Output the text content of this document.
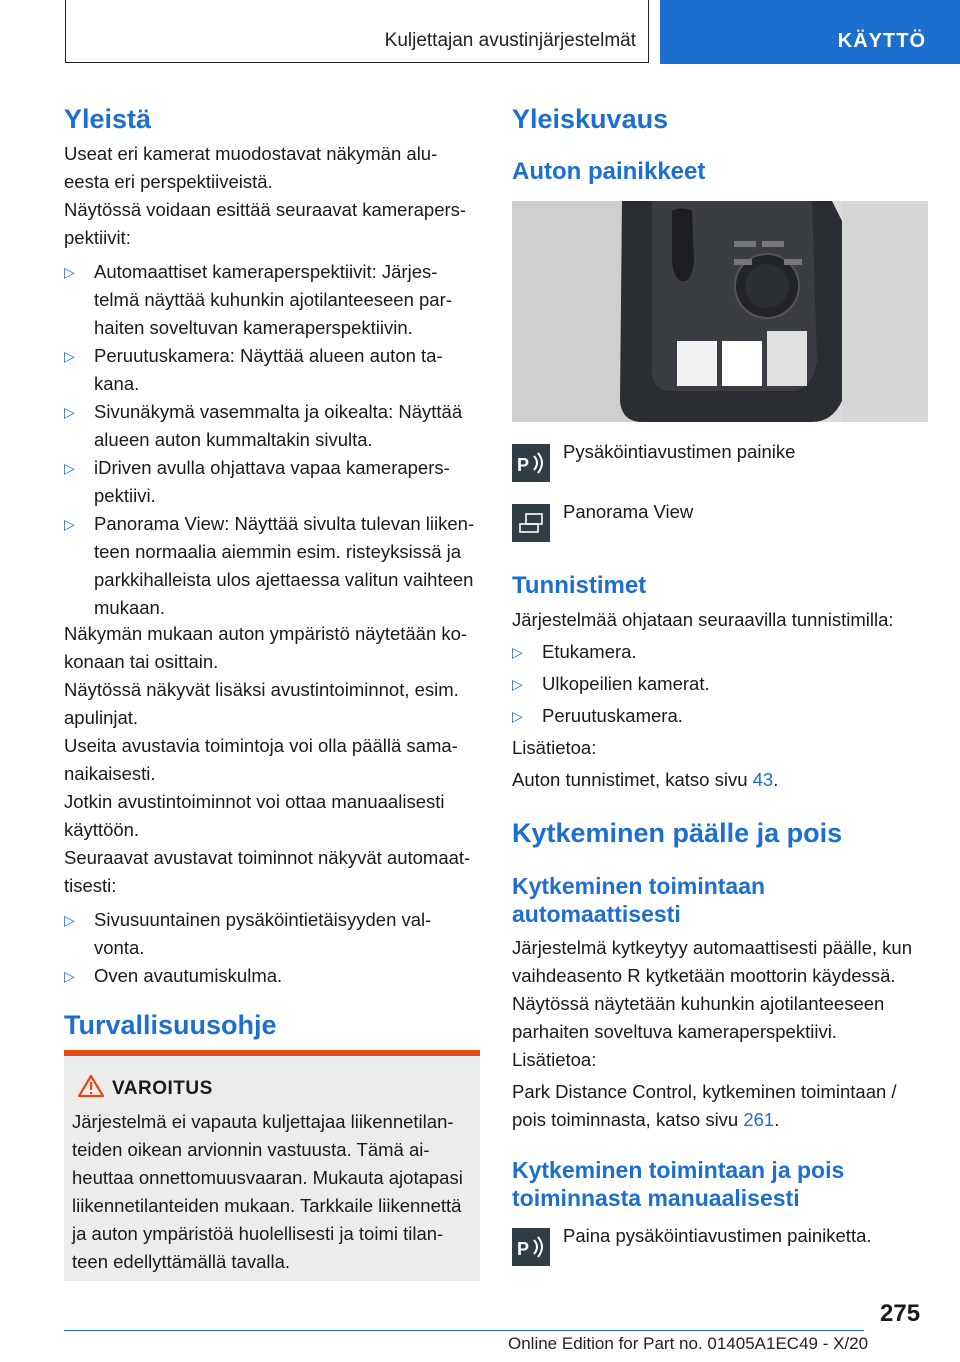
Kuljettajan avustinjärjestelmät	KÄYTTÖ
Yleistä
Useat eri kamerat muodostavat näkymän alu-
eesta eri perspektiiveistä.
Näytössä voidaan esittää seuraavat kamerapers-
pektiivit:
▷ Automaattiset kameraperspektiivit: Järjes-
telmä näyttää kuhunkin ajotilanteeseen par-
haiten soveltuvan kameraperspektiivin.
▷ Peruutuskamera: Näyttää alueen auton ta-
kana.
▷ Sivunäkymä vasemmalta ja oikealta: Näyttää
alueen auton kummaltakin sivulta.
▷ iDriven avulla ohjattava vapaa kamerapers-
pektiivi.
▷ Panorama View: Näyttää sivulta tulevan liiken-
teen normaalia aiemmin esim. risteyksissä ja
parkkihalleista ulos ajettaessa valitun vaihteen
mukaan.
Näkymän mukaan auton ympäristö näytetään ko-
konaan tai osittain.
Näytössä näkyvät lisäksi avustintoiminnot, esim.
apulinjat.
Useita avustavia toimintoja voi olla päällä sama-
naikaisesti.
Jotkin avustintoiminnot voi ottaa manuaalisesti
käyttöön.
Seuraavat avustavat toiminnot näkyvät automaat-
tisesti:
▷ Sivusuuntainen pysäköintietäisyyden val-
vonta.
▷ Oven avautumiskulma.
Turvallisuusohje
VAROITUS
Järjestelmä ei vapauta kuljettajaa liikennetilan-
teiden oikean arvionnin vastuusta. Tämä ai-
heuttaa onnettomuusvaaran. Mukauta ajotapasi
liikennetilanteiden mukaan. Tarkkaile liikennettä
ja auton ympäristöä huolellisesti ja toimi tilan-
teen edellyttämällä tavalla.
Yleiskuvaus
Auton painikkeet
P
Pysäköintiavustimen painike
Panorama View
Tunnistimet
Järjestelmää ohjataan seuraavilla tunnistimilla:
▷ Etukamera.
▷ Ulkopeilien kamerat.
▷ Peruutuskamera.
Lisätietoa:
Auton tunnistimet, katso sivu 43.
Kytkeminen päälle ja pois
Kytkeminen toimintaan
automaattisesti
Järjestelmä kytkeytyy automaattisesti päälle, kun
vaihdeasento R kytketään moottorin käydessä.
Näytössä näytetään kuhunkin ajotilanteeseen
parhaiten soveltuva kameraperspektiivi.
Lisätietoa:
Park Distance Control, kytkeminen toimintaan /
pois toiminnasta, katso sivu 261.
Kytkeminen toimintaan ja pois
toiminnasta manuaalisesti
P
Paina pysäköintiavustimen painiketta.
275
Online Edition for Part no. 01405A1EC49 - X/20
